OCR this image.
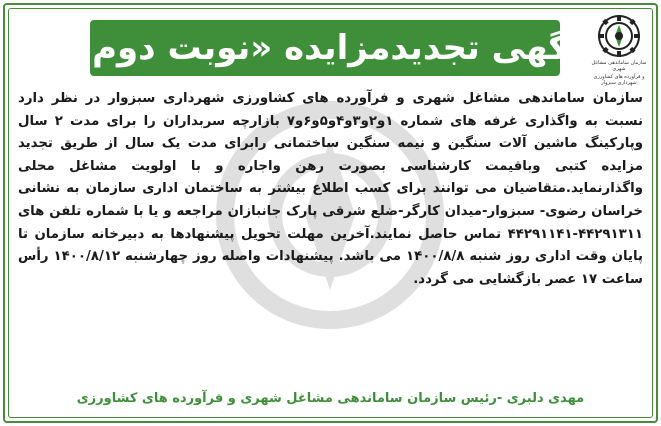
سازمان ساماندهی مشاغل شهری
و فرآورده های کشاورزی شهرداری سبزوار
آگهی تجدیدمزایده «نوبت دوم»

سازمان ساماندهی مشاغل شهری و فرآورده های کشاورزی شهرداری سبزوار در نظر دارد نسبت به واگذاری غرفه های شماره ۱و۲و۳و۴و۵و۶و۷ بازارچه سربداران را برای مدت ۲ سال وپارکینگ ماشین آلات سنگین و نیمه سنگین ساختمانی رابرای مدت یک سال از طریق تجدید مزایده کتبی وباقیمت کارشناسی بصورت رهن واجاره و با اولویت مشاغل محلی واگذارنماید.متقاضیان می توانند برای کسب اطلاع بیشتر به ساختمان اداری سازمان به نشانی خراسان رضوی- سبزوار-میدان کارگر-ضلع شرقی پارک جانبازان مراجعه و یا با شماره تلفن های ۴۴۲۹۱۳۱۱-۴۴۲۹۱۱۴۱ تماس حاصل نمایند.آخرین مهلت تحویل پیشنهادها به دبیرخانه سازمان تا پایان وقت اداری روز شنبه ۱۴۰۰/۸/۸ می باشد. پیشنهادات واصله روز چهارشنبه ۱۴۰۰/۸/۱۲ رأس ساعت ۱۷ عصر بازگشایی می گردد.

مهدی دلبری -رئیس سازمان ساماندهی مشاغل شهری و فرآورده های کشاورزی
